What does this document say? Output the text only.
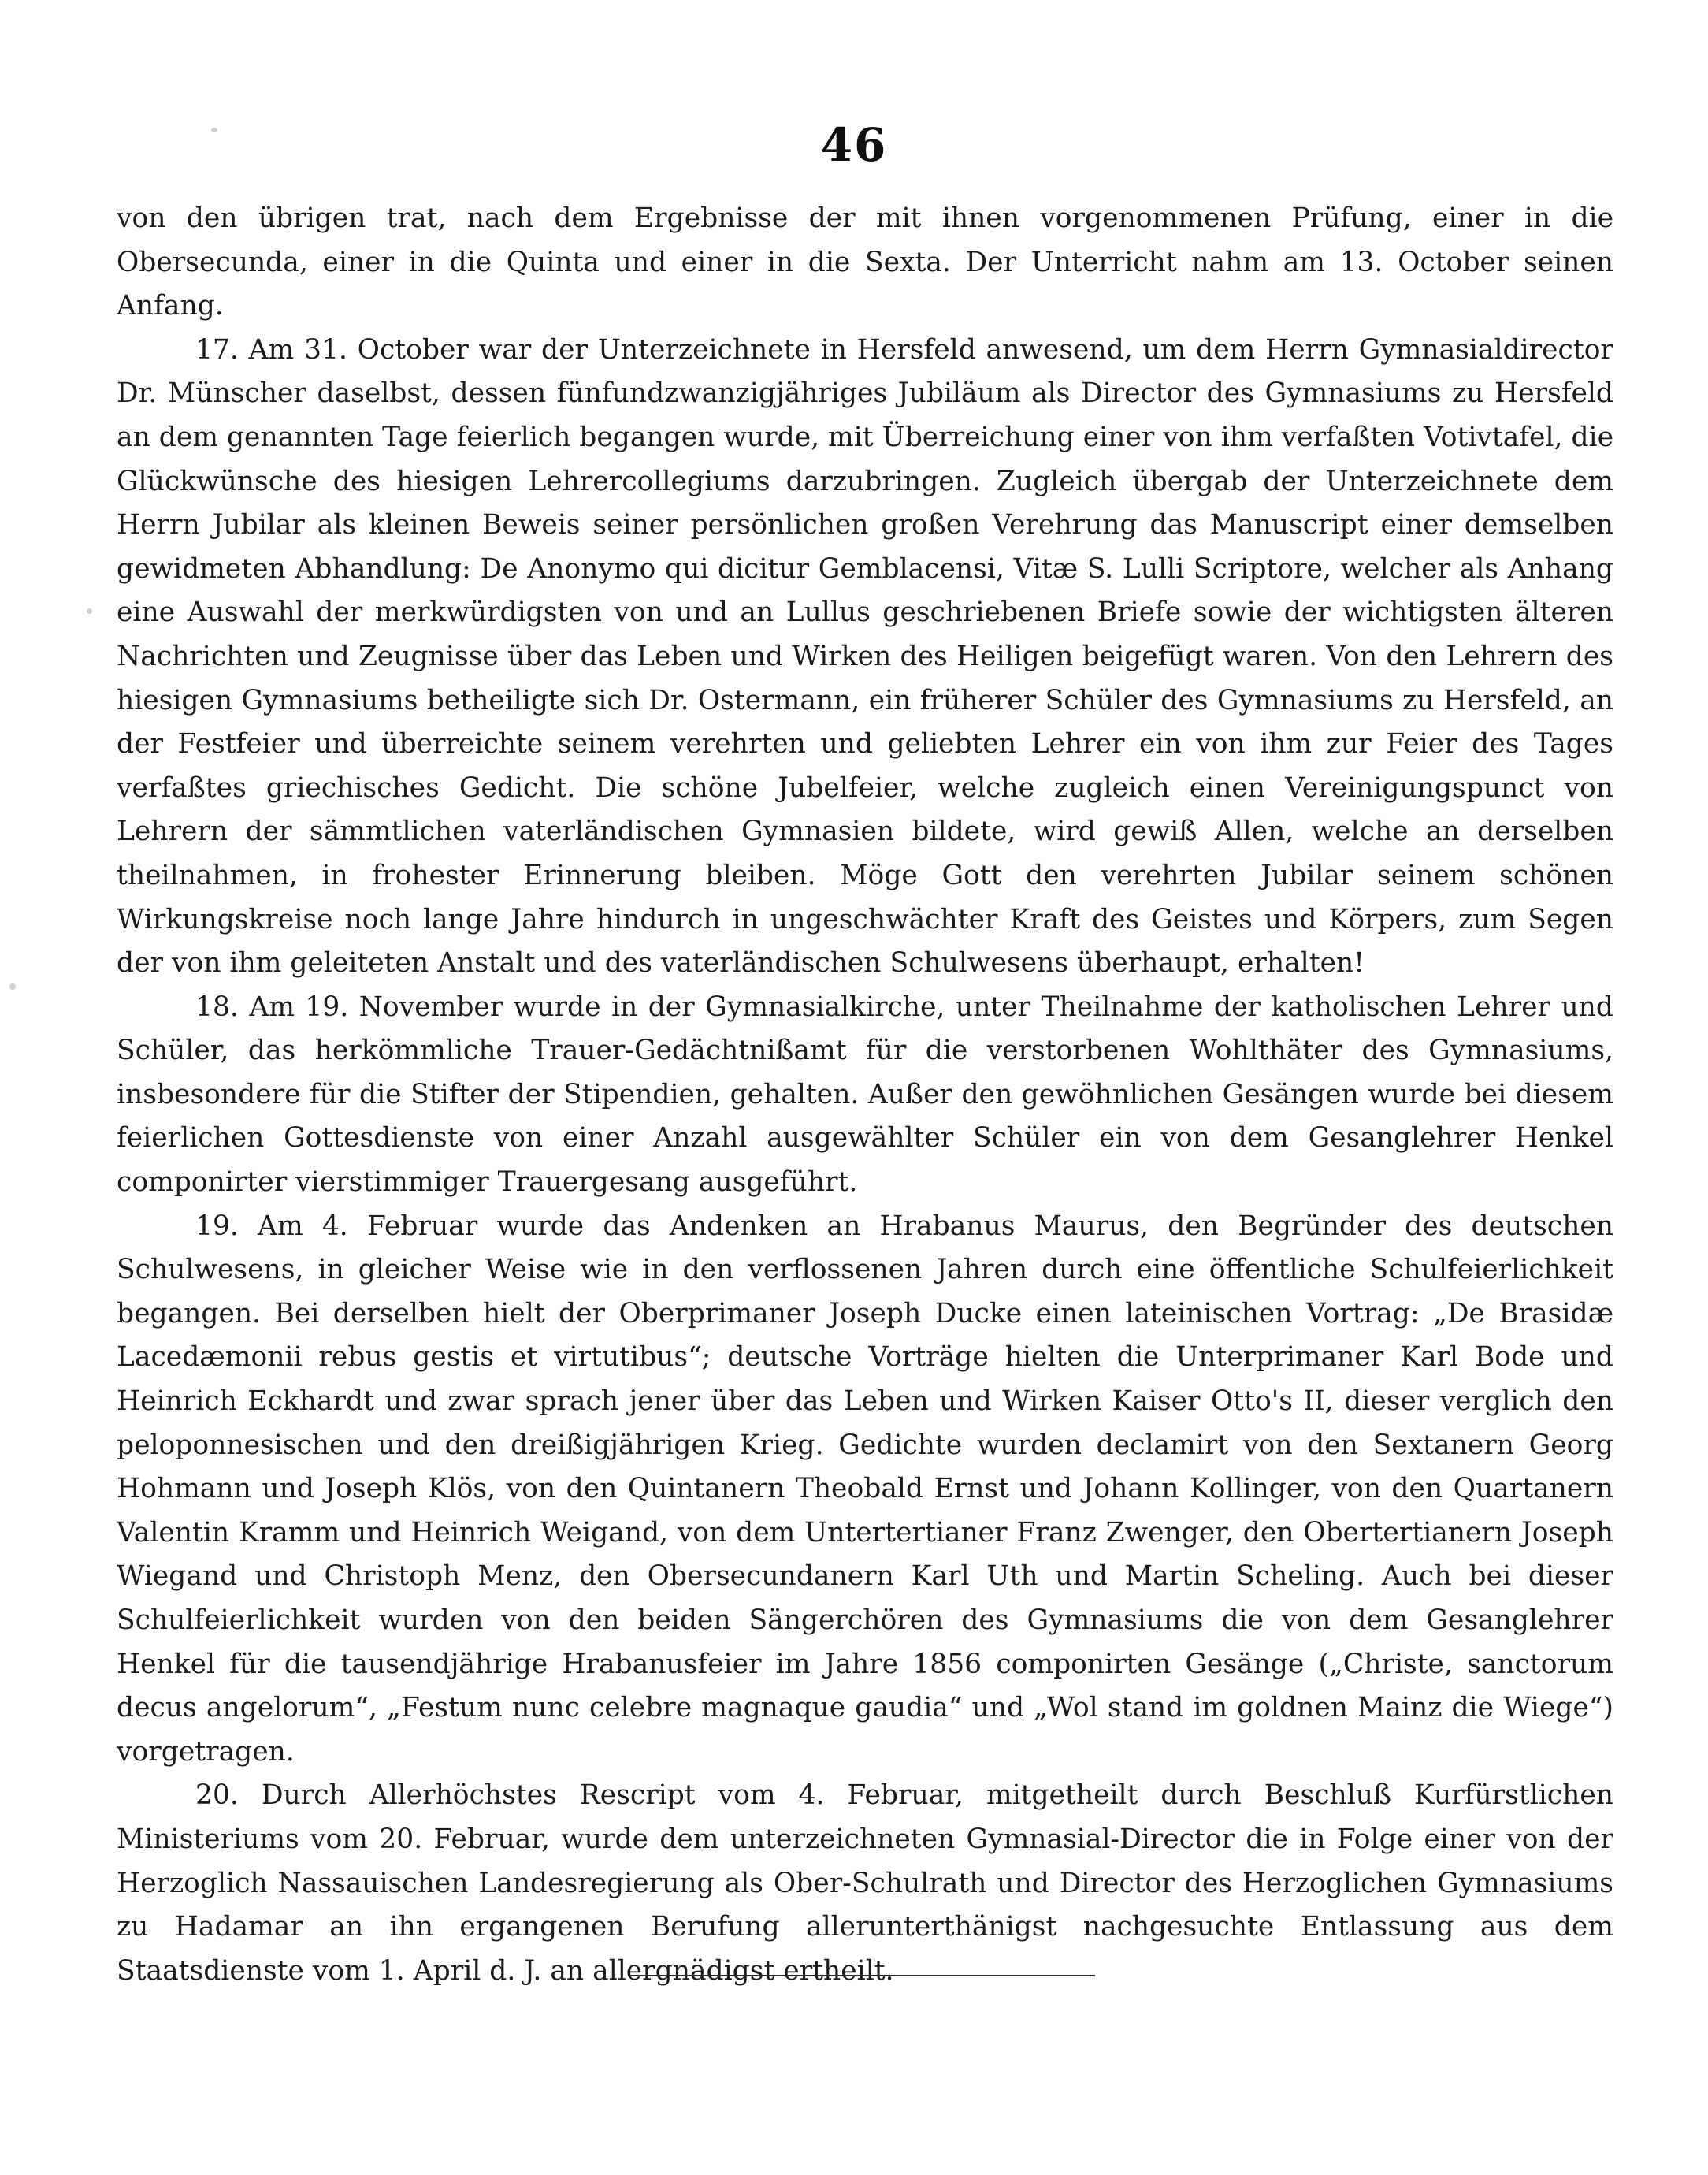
46

von den übrigen trat, nach dem Ergebnisse der mit ihnen vorgenommenen Prüfung, einer in die Obersecunda, einer in die Quinta und einer in die Sexta. Der Unterricht nahm am 13. October seinen Anfang.

17. Am 31. October war der Unterzeichnete in Hersfeld anwesend, um dem Herrn Gymnasialdirector Dr. Münscher daselbst, dessen fünfundzwanzigjähriges Jubiläum als Director des Gymnasiums zu Hersfeld an dem genannten Tage feierlich begangen wurde, mit Überreichung einer von ihm verfaßten Votivtafel, die Glückwünsche des hiesigen Lehrercollegiums darzubringen. Zugleich übergab der Unterzeichnete dem Herrn Jubilar als kleinen Beweis seiner persönlichen großen Verehrung das Manuscript einer demselben gewidmeten Abhandlung: De Anonymo qui dicitur Gemblacensi, Vitæ S. Lulli Scriptore, welcher als Anhang eine Auswahl der merkwürdigsten von und an Lullus geschriebenen Briefe sowie der wichtigsten älteren Nachrichten und Zeugnisse über das Leben und Wirken des Heiligen beigefügt waren. Von den Lehrern des hiesigen Gymnasiums betheiligte sich Dr. Ostermann, ein früherer Schüler des Gymnasiums zu Hersfeld, an der Festfeier und überreichte seinem verehrten und geliebten Lehrer ein von ihm zur Feier des Tages verfaßtes griechisches Gedicht. Die schöne Jubelfeier, welche zugleich einen Vereinigungspunct von Lehrern der sämmtlichen vaterländischen Gymnasien bildete, wird gewiß Allen, welche an derselben theilnahmen, in frohester Erinnerung bleiben. Möge Gott den verehrten Jubilar seinem schönen Wirkungskreise noch lange Jahre hindurch in ungeschwächter Kraft des Geistes und Körpers, zum Segen der von ihm geleiteten Anstalt und des vaterländischen Schulwesens überhaupt, erhalten!

18. Am 19. November wurde in der Gymnasialkirche, unter Theilnahme der katholischen Lehrer und Schüler, das herkömmliche Trauer-Gedächtnißamt für die verstorbenen Wohlthäter des Gymnasiums, insbesondere für die Stifter der Stipendien, gehalten. Außer den gewöhnlichen Gesängen wurde bei diesem feierlichen Gottesdienste von einer Anzahl ausgewählter Schüler ein von dem Gesanglehrer Henkel componirter vierstimmiger Trauergesang ausgeführt.

19. Am 4. Februar wurde das Andenken an Hrabanus Maurus, den Begründer des deutschen Schulwesens, in gleicher Weise wie in den verflossenen Jahren durch eine öffentliche Schulfeierlichkeit begangen. Bei derselben hielt der Oberprimaner Joseph Ducke einen lateinischen Vortrag: „De Brasidæ Lacedæmonii rebus gestis et virtutibus“; deutsche Vorträge hielten die Unterprimaner Karl Bode und Heinrich Eckhardt und zwar sprach jener über das Leben und Wirken Kaiser Otto's II, dieser verglich den peloponnesischen und den dreißigjährigen Krieg. Gedichte wurden declamirt von den Sextanern Georg Hohmann und Joseph Klös, von den Quintanern Theobald Ernst und Johann Kollinger, von den Quartanern Valentin Kramm und Heinrich Weigand, von dem Untertertianer Franz Zwenger, den Obertertianern Joseph Wiegand und Christoph Menz, den Obersecundanern Karl Uth und Martin Scheling. Auch bei dieser Schulfeierlichkeit wurden von den beiden Sängerchören des Gymnasiums die von dem Gesanglehrer Henkel für die tausendjährige Hrabanusfeier im Jahre 1856 componirten Gesänge („Christe, sanctorum decus angelorum“, „Festum nunc celebre magnaque gaudia“ und „Wol stand im goldnen Mainz die Wiege“) vorgetragen.

20. Durch Allerhöchstes Rescript vom 4. Februar, mitgetheilt durch Beschluß Kurfürstlichen Ministeriums vom 20. Februar, wurde dem unterzeichneten Gymnasial-Director die in Folge einer von der Herzoglich Nassauischen Landesregierung als Ober-Schulrath und Director des Herzoglichen Gymnasiums zu Hadamar an ihn ergangenen Berufung allerunterthänigst nachgesuchte Entlassung aus dem Staatsdienste vom 1. April d. J. an allergnädigst ertheilt.
